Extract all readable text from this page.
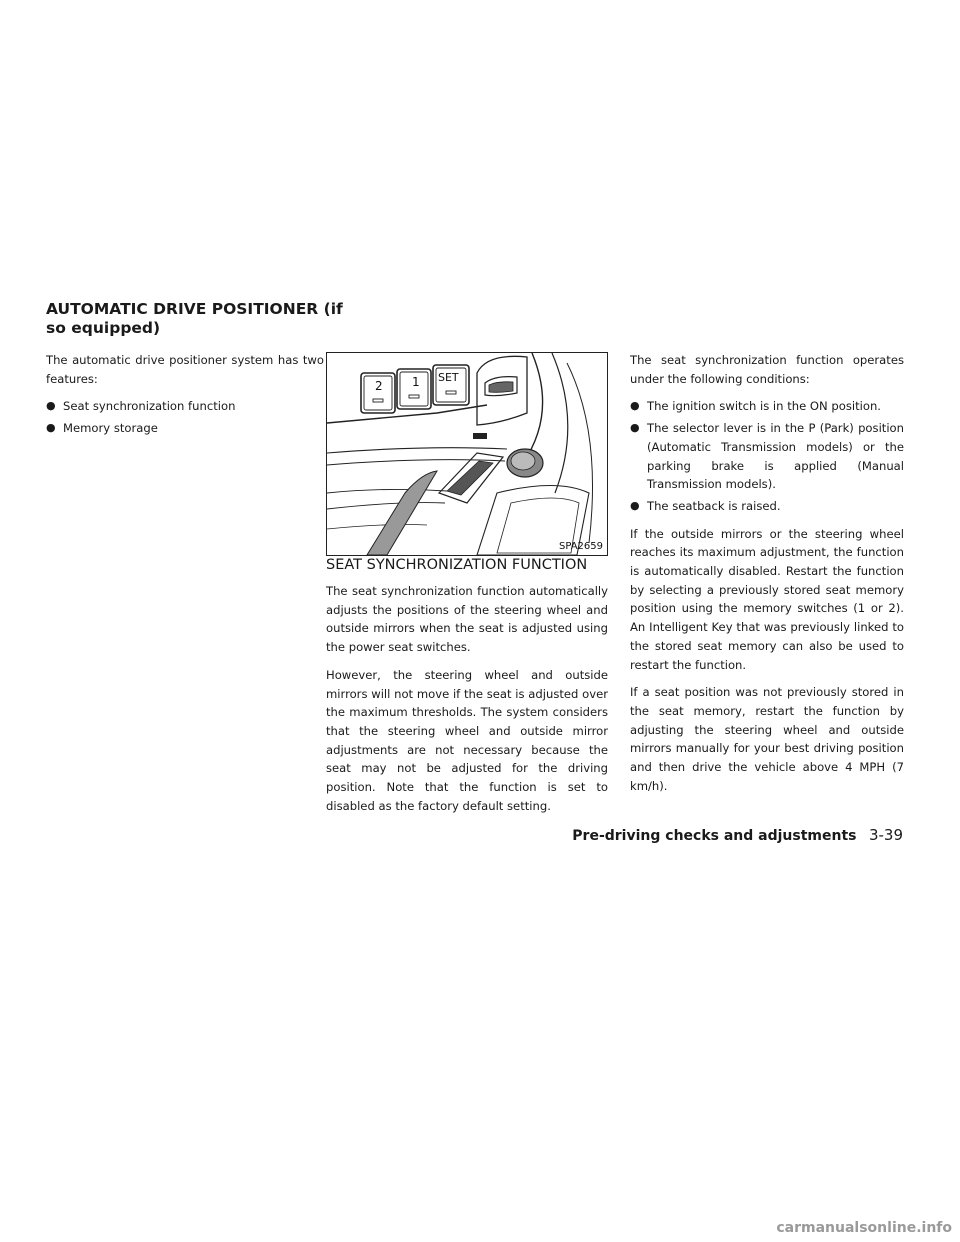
AUTOMATIC DRIVE POSITIONER (if so equipped)

The automatic drive positioner system has two features:

● Seat synchronization function
● Memory storage
2 1 SET
SPA2659
SEAT SYNCHRONIZATION FUNCTION

The seat synchronization function automatically adjusts the positions of the steering wheel and outside mirrors when the seat is adjusted using the power seat switches.

However, the steering wheel and outside mirrors will not move if the seat is adjusted over the maximum thresholds. The system considers that the steering wheel and outside mirror adjustments are not necessary because the seat may not be adjusted for the driving position. Note that the function is set to disabled as the factory default setting.

The seat synchronization function operates under the following conditions:

● The ignition switch is in the ON position.
● The selector lever is in the P (Park) position (Automatic Transmission models) or the parking brake is applied (Manual Transmission models).
● The seatback is raised.

If the outside mirrors or the steering wheel reaches its maximum adjustment, the function is automatically disabled. Restart the function by selecting a previously stored seat memory position using the memory switches (1 or 2). An Intelligent Key that was previously linked to the stored seat memory can also be used to restart the function.

If a seat position was not previously stored in the seat memory, restart the function by adjusting the steering wheel and outside mirrors manually for your best driving position and then drive the vehicle above 4 MPH (7 km/h).

Pre-driving checks and adjustments 3-39
carmanualsonline.info
